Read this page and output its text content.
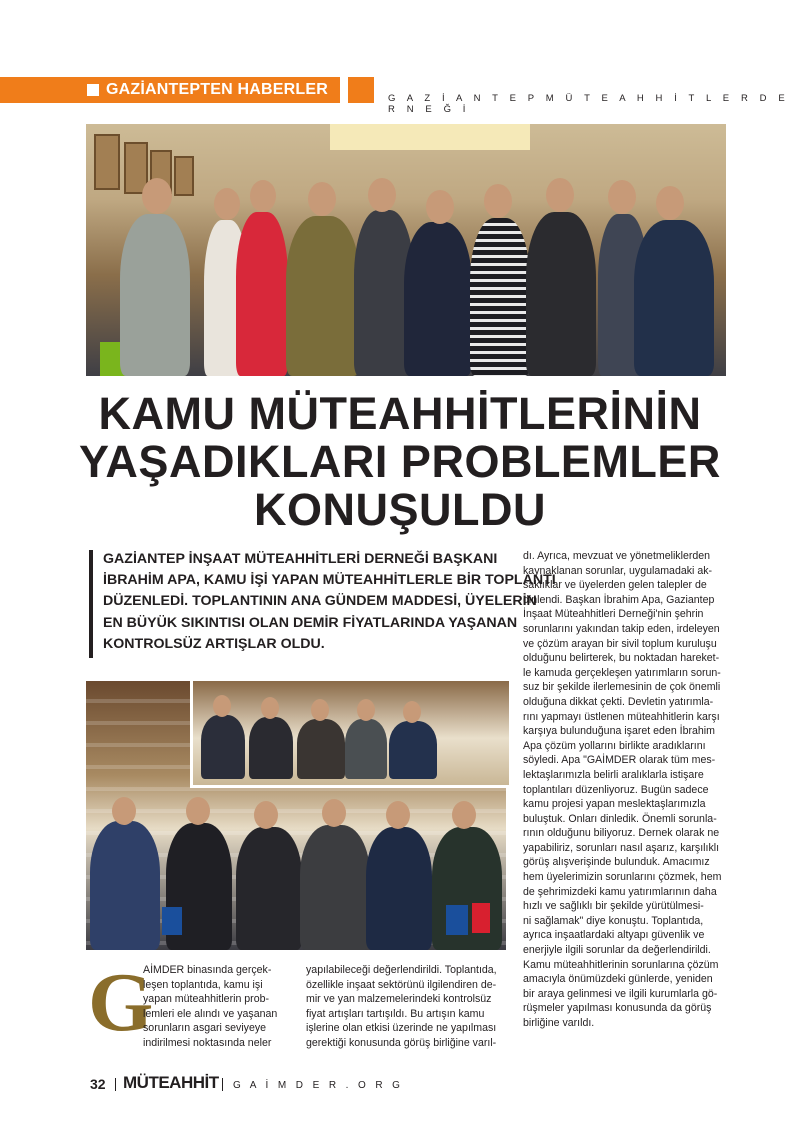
GAZİANTEPTEN HABERLER
G A Z İ A N T E P M Ü T E A H H İ T L E R D E R N E Ğ İ
KAMU MÜTEAHHİTLERİNİN
YAŞADIKLARI PROBLEMLER
KONUŞULDU
GAZİANTEP İNŞAAT MÜTEAHHİTLERİ DERNEĞİ BAŞKANI
İBRAHİM APA, KAMU İŞİ YAPAN MÜTEAHHİTLERLE BİR TOPLANTI
DÜZENLEDİ. TOPLANTININ ANA GÜNDEM MADDESİ, ÜYELERİN
EN BÜYÜK SIKINTISI OLAN DEMİR FİYATLARINDA YAŞANAN
KONTROLSÜZ ARTIŞLAR OLDU.
G
AİMDER binasında gerçek-
leşen toplantıda, kamu işi
yapan müteahhitlerin prob-
lemleri ele alındı ve yaşanan
sorunların asgari seviyeye
indirilmesi noktasında neler
yapılabileceği değerlendirildi. Toplantıda,
özellikle inşaat sektörünü ilgilendiren de-
mir ve yan malzemelerindeki kontrolsüz
fiyat artışları tartışıldı. Bu artışın kamu
işlerine olan etkisi üzerinde ne yapılması
gerektiği konusunda görüş birliğine varıl-
dı. Ayrıca, mevzuat ve yönetmeliklerden
kaynaklanan sorunlar, uygulamadaki ak-
saklıklar ve üyelerden gelen talepler de
dinlendi. Başkan İbrahim Apa, Gaziantep
İnşaat Müteahhitleri Derneği'nin şehrin
sorunlarını yakından takip eden, irdeleyen
ve çözüm arayan bir sivil toplum kuruluşu
olduğunu belirterek, bu noktadan hareket-
le kamuda gerçekleşen yatırımların sorun-
suz bir şekilde ilerlemesinin de çok önemli
olduğuna dikkat çekti. Devletin yatırımla-
rını yapmayı üstlenen müteahhitlerin karşı
karşıya bulunduğuna işaret eden İbrahim
Apa çözüm yollarını birlikte aradıklarını
söyledi. Apa "GAİMDER olarak tüm mes-
lektaşlarımızla belirli aralıklarla istişare
toplantıları düzenliyoruz. Bugün sadece
kamu projesi yapan meslektaşlarımızla
buluştuk. Onları dinledik. Önemli sorunla-
rının olduğunu biliyoruz. Dernek olarak ne
yapabiliriz, sorunları nasıl aşarız, karşılıklı
görüş alışverişinde bulunduk. Amacımız
hem üyelerimizin sorunlarını çözmek, hem
de şehrimizdeki kamu yatırımlarının daha
hızlı ve sağlıklı bir şekilde yürütülmesi-
ni sağlamak" diye konuştu. Toplantıda,
ayrıca inşaatlardaki altyapı güvenlik ve
enerjiyle ilgili sorunlar da değerlendirildi.
Kamu müteahhitlerinin sorunlarına çözüm
amacıyla önümüzdeki günlerde, yeniden
bir araya gelinmesi ve ilgili kurumlarla gö-
rüşmeler yapılması konusunda da görüş
birliğine varıldı.
32 MÜTEAHHİT G A İ M D E R . O R G
